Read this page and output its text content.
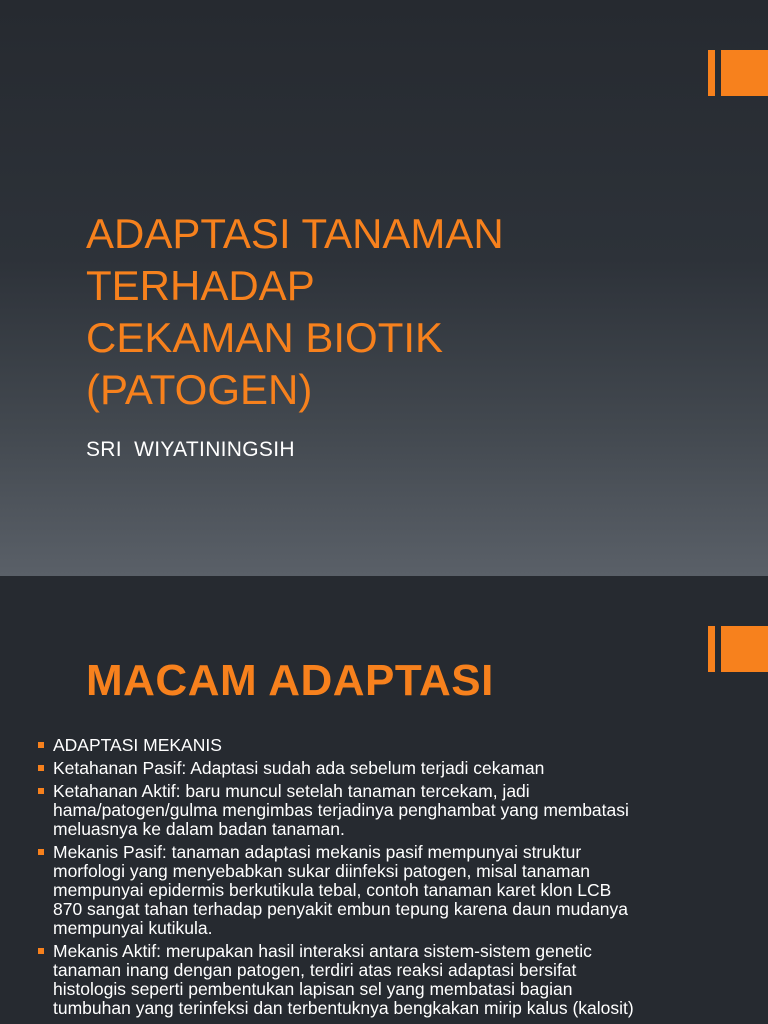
ADAPTASI TANAMAN
TERHADAP
CEKAMAN BIOTIK
(PATOGEN)

SRI  WIYATININGSIH

MACAM ADAPTASI
ADAPTASI MEKANIS
Ketahanan Pasif: Adaptasi sudah ada sebelum terjadi cekaman
Ketahanan Aktif: baru muncul setelah tanaman tercekam, jadi
hama/patogen/gulma mengimbas terjadinya penghambat yang membatasi
meluasnya ke dalam badan tanaman.
Mekanis Pasif: tanaman adaptasi mekanis pasif mempunyai struktur
morfologi yang menyebabkan sukar diinfeksi patogen, misal tanaman
mempunyai epidermis berkutikula tebal, contoh tanaman karet klon LCB
870 sangat tahan terhadap penyakit embun tepung karena daun mudanya
mempunyai kutikula.
Mekanis Aktif: merupakan hasil interaksi antara sistem-sistem genetic
tanaman inang dengan patogen, terdiri atas reaksi adaptasi bersifat
histologis seperti pembentukan lapisan sel yang membatasi bagian
tumbuhan yang terinfeksi dan terbentuknya bengkakan mirip kalus (kalosit)
